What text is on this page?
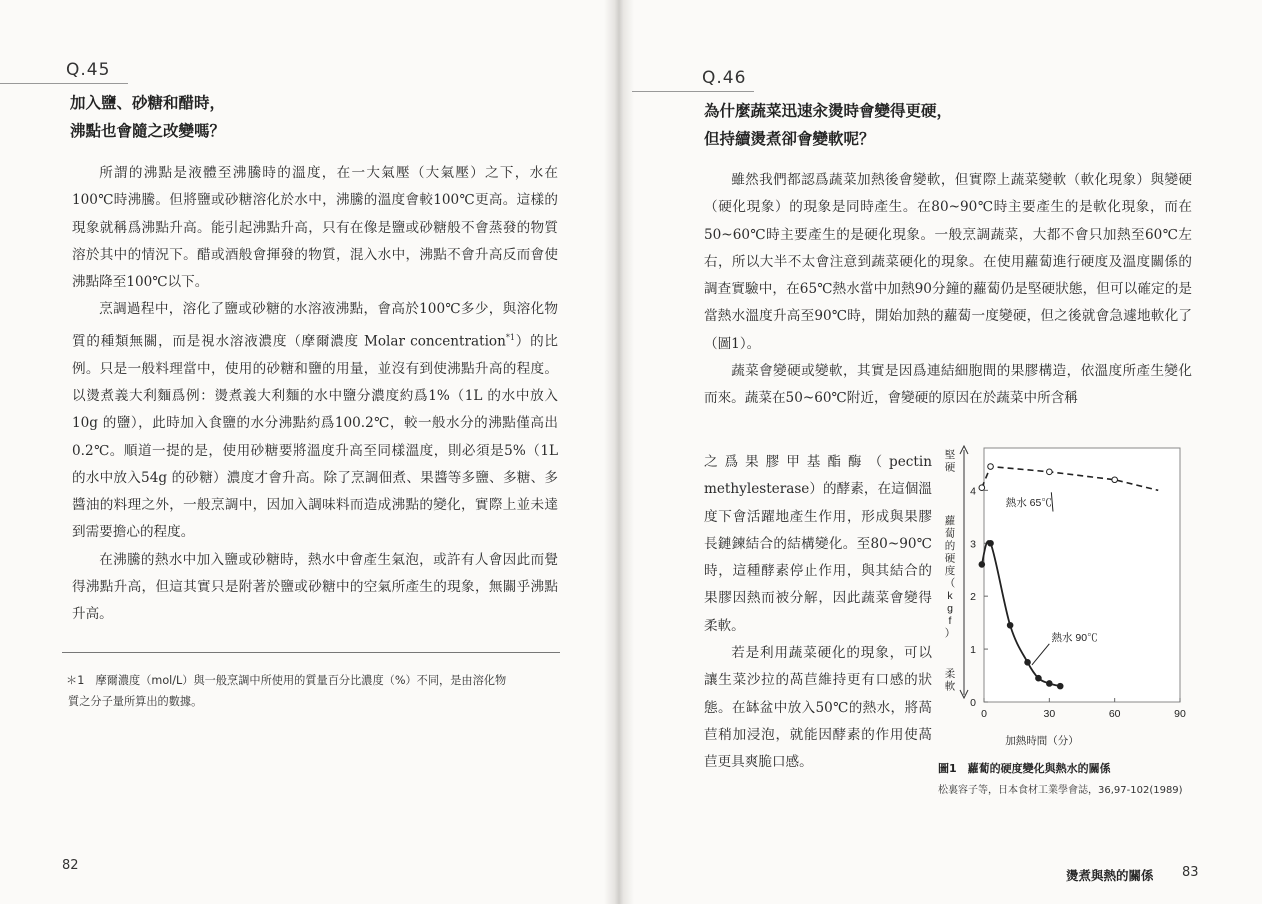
Q.45
加入鹽、砂糖和醋時，
沸點也會隨之改變嗎？

所謂的沸點是液體至沸騰時的溫度，在一大氣壓（大氣壓）之下，水在100℃時沸騰。但將鹽或砂糖溶化於水中，沸騰的溫度會較100℃更高。這樣的現象就稱爲沸點升高。能引起沸點升高，只有在像是鹽或砂糖般不會蒸發的物質溶於其中的情況下。醋或酒般會揮發的物質，混入水中，沸點不會升高反而會使沸點降至100℃以下。

烹調過程中，溶化了鹽或砂糖的水溶液沸點，會高於100℃多少，與溶化物質的種類無關，而是視水溶液濃度（摩爾濃度 Molar concentration$^{*1}$）的比例。只是一般料理當中，使用的砂糖和鹽的用量，並沒有到使沸點升高的程度。以燙煮義大利麵爲例：燙煮義大利麵的水中鹽分濃度約爲1%（1L 的水中放入10g 的鹽），此時加入食鹽的水分沸點約爲100.2℃，較一般水分的沸點僅高出0.2℃。順道一提的是，使用砂糖要將溫度升高至同樣溫度，則必須是5%（1L 的水中放入54g 的砂糖）濃度才會升高。除了烹調佃煮、果醬等多鹽、多糖、多醬油的料理之外，一般烹調中，因加入調味料而造成沸點的變化，實際上並未達到需要擔心的程度。

在沸騰的熱水中加入鹽或砂糖時，熱水中會產生氣泡，或許有人會因此而覺得沸點升高，但這其實只是附著於鹽或砂糖中的空氣所產生的現象，無關乎沸點升高。

＊1　摩爾濃度（mol/L）與一般烹調中所使用的質量百分比濃度（%）不同，是由溶化物
質之分子量所算出的數據。
82
Q.46
為什麼蔬菜迅速汆燙時會變得更硬，
但持續燙煮卻會變軟呢？

雖然我們都認爲蔬菜加熱後會變軟，但實際上蔬菜變軟（軟化現象）與變硬（硬化現象）的現象是同時產生。在80~90℃時主要產生的是軟化現象，而在50~60℃時主要產生的是硬化現象。一般烹調蔬菜，大都不會只加熱至60℃左右，所以大半不太會注意到蔬菜硬化的現象。在使用蘿蔔進行硬度及溫度關係的調查實驗中，在65℃熱水當中加熱90分鐘的蘿蔔仍是堅硬狀態，但可以確定的是當熱水溫度升高至90℃時，開始加熱的蘿蔔一度變硬，但之後就會急遽地軟化了（圖1）。

蔬菜會變硬或變軟，其實是因爲連結細胞間的果膠構造，依溫度所產生變化而來。蔬菜在50~60℃附近，會變硬的原因在於蔬菜中所含稱

之爲果膠甲基酯酶（pectin methylesterase）的酵素，在這個溫度下會活躍地產生作用，形成與果膠長鏈鍊結合的結構變化。至80~90℃時，這種酵素停止作用，與其結合的果膠因熱而被分解，因此蔬菜會變得柔軟。

若是利用蔬菜硬化的現象，可以讓生菜沙拉的萵苣維持更有口感的狀態。在缽盆中放入50℃的熱水，將萵苣稍加浸泡，就能因酵素的作用使萵苣更具爽脆口感。

堅硬
蘿蔔的硬度（ k g f ）
柔軟
0
1
2
3
4
0	30	60	90
加熱時間（分）
熱水 65℃
熱水 90℃
圖1　蘿蔔的硬度變化與熱水的關係
松裏容子等，日本食材工業學會誌，36,97-102(1989)
燙煮與熱的關係 83
